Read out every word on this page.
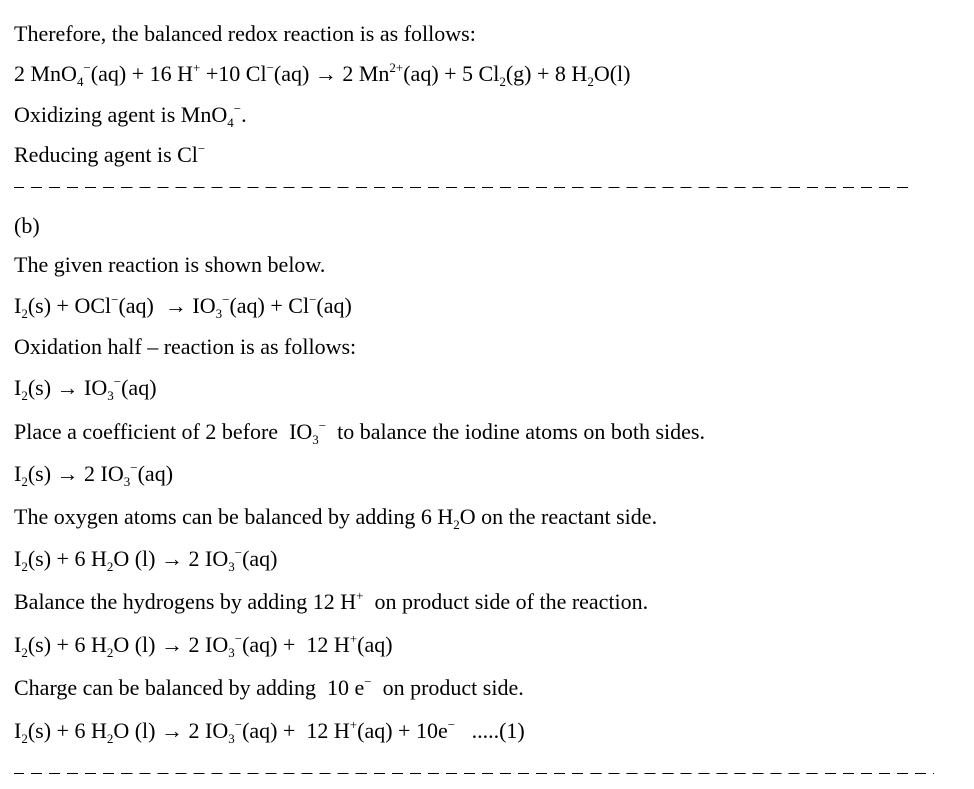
Therefore, the balanced redox reaction is as follows:
2 MnO$_4$−(aq) + 16 H+ +10 Cl−(aq) → 2 $Mn^{2+}(aq) + 5$ $Cl_2(g) + 8$ $H_2O(l)$
Oxidizing agent is MnO$_4$−.
Reducing agent is Cl−
(b)
The given reaction is shown below.
$I_2(s) + OCl^-(aq) \to IO_3^-(aq) + Cl^-(aq)$
Oxidation half – reaction is as follows:
$I_2(s) \to IO_3^-(aq)$
Place a coefficient of 2 before  $IO_3^-$  to balance the iodine atoms on both sides.
$I_2(s) \to 2$ $IO_3^-(aq)$
The oxygen atoms can be balanced by adding 6 $H_2O$ on the reactant side.
$I_2(s) + 6$ $H_2O$ (l) → 2 $IO_3^-(aq)$
Balance the hydrogens by adding 12 H+  on product side of the reaction.
$I_2(s) + 6$ $H_2O$ (l) → 2 $IO_3^-(aq) + 12$ H+(aq)
Charge can be balanced by adding  10 e−  on product side.
$I_2(s) + 6$ $H_2O$ (l) → 2 $IO_3^-(aq) + 12$ H+(aq) + 10e−   .....(1)
